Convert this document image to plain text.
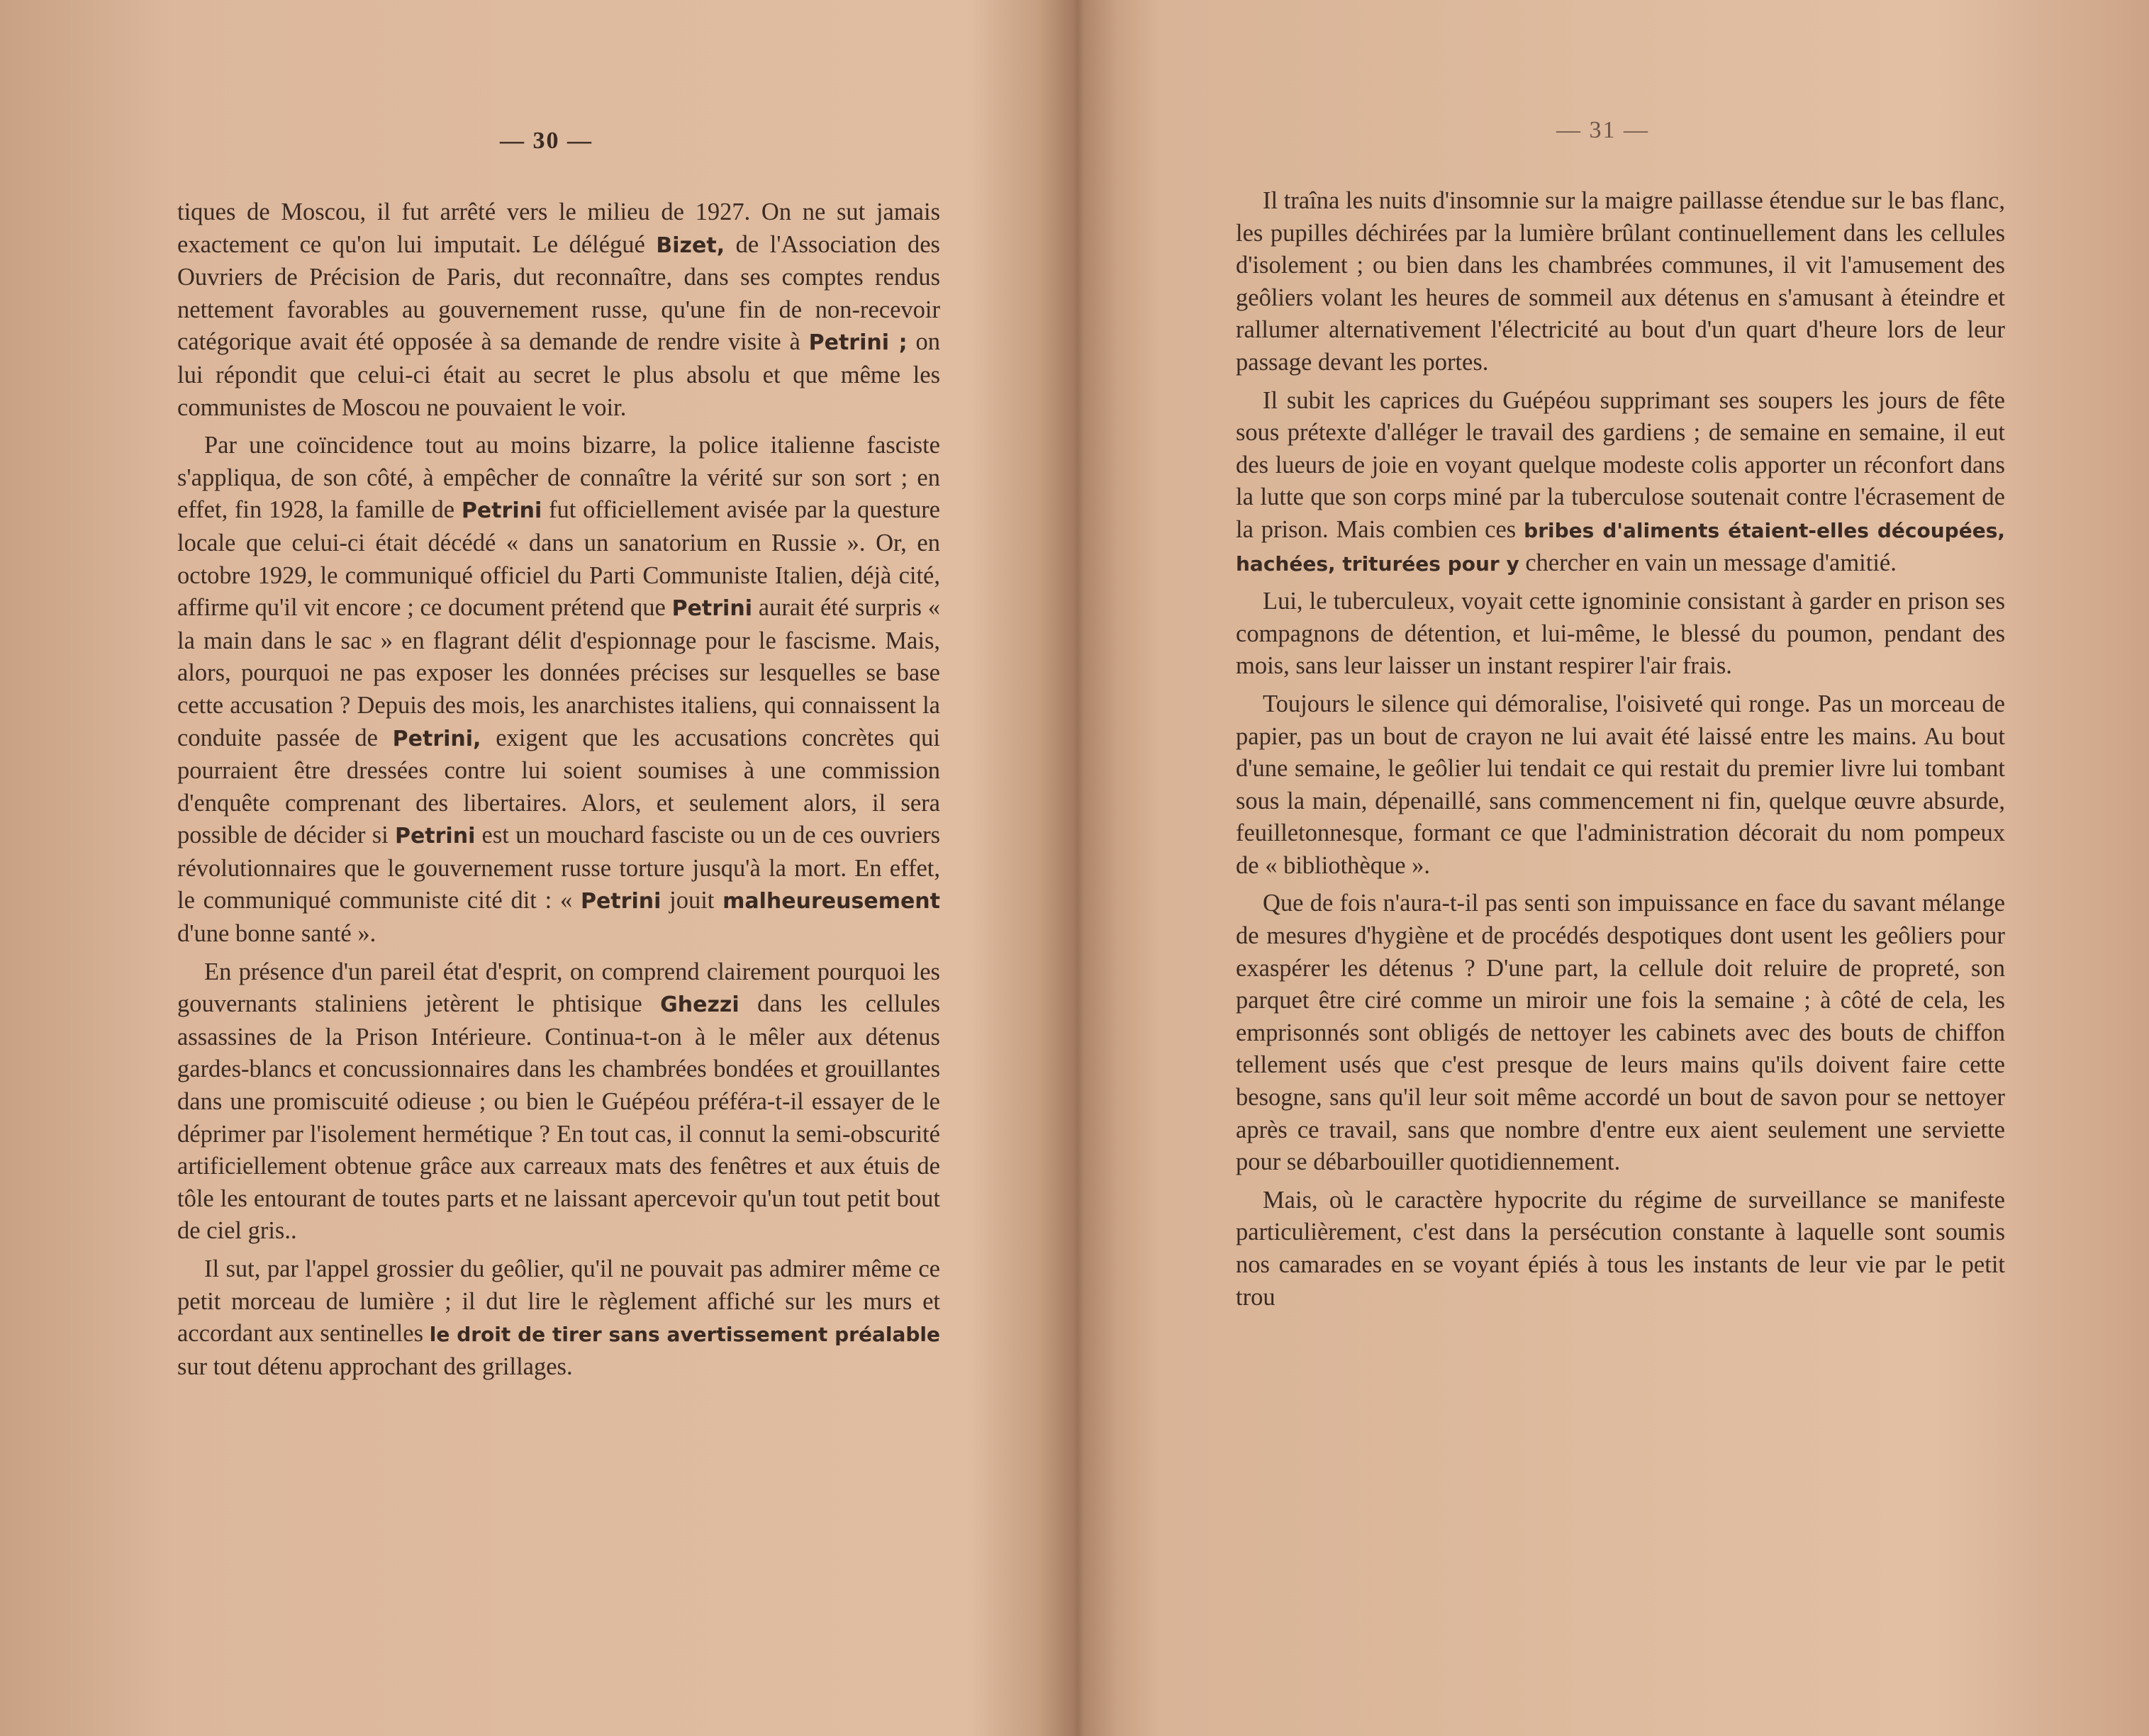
— 30 —

tiques de Moscou, il fut arrêté vers le milieu de 1927. On ne sut jamais exactement ce qu'on lui imputait. Le délégué Bizet, de l'Association des Ouvriers de Précision de Paris, dut reconnaître, dans ses comptes rendus nettement favorables au gouvernement russe, qu'une fin de non-recevoir catégorique avait été opposée à sa demande de rendre visite à Petrini ; on lui répondit que celui-ci était au secret le plus absolu et que même les communistes de Moscou ne pouvaient le voir.

Par une coïncidence tout au moins bizarre, la police italienne fasciste s'appliqua, de son côté, à empêcher de connaître la vérité sur son sort ; en effet, fin 1928, la famille de Petrini fut officiellement avisée par la questure locale que celui-ci était décédé « dans un sanatorium en Russie ». Or, en octobre 1929, le communiqué officiel du Parti Communiste Italien, déjà cité, affirme qu'il vit encore ; ce document prétend que Petrini aurait été surpris « la main dans le sac » en flagrant délit d'espionnage pour le fascisme. Mais, alors, pourquoi ne pas exposer les données précises sur lesquelles se base cette accusation ? Depuis des mois, les anarchistes italiens, qui connaissent la conduite passée de Petrini, exigent que les accusations concrètes qui pourraient être dressées contre lui soient soumises à une commission d'enquête comprenant des libertaires. Alors, et seulement alors, il sera possible de décider si Petrini est un mouchard fasciste ou un de ces ouvriers révolutionnaires que le gouvernement russe torture jusqu'à la mort. En effet, le communiqué communiste cité dit : « Petrini jouit malheureusement d'une bonne santé ».

En présence d'un pareil état d'esprit, on comprend clairement pourquoi les gouvernants staliniens jetèrent le phtisique Ghezzi dans les cellules assassines de la Prison Intérieure. Continua-t-on à le mêler aux détenus gardes-blancs et concussionnaires dans les chambrées bondées et grouillantes dans une promiscuité odieuse ; ou bien le Guépéou préféra-t-il essayer de le déprimer par l'isolement hermétique ? En tout cas, il connut la semi-obscurité artificiellement obtenue grâce aux carreaux mats des fenêtres et aux étuis de tôle les entourant de toutes parts et ne laissant apercevoir qu'un tout petit bout de ciel gris..

Il sut, par l'appel grossier du geôlier, qu'il ne pouvait pas admirer même ce petit morceau de lumière ; il dut lire le règlement affiché sur les murs et accordant aux sentinelles le droit de tirer sans avertissement préalable sur tout détenu approchant des grillages.

— 31 —

Il traîna les nuits d'insomnie sur la maigre paillasse étendue sur le bas flanc, les pupilles déchirées par la lumière brûlant continuellement dans les cellules d'isolement ; ou bien dans les chambrées communes, il vit l'amusement des geôliers volant les heures de sommeil aux détenus en s'amusant à éteindre et rallumer alternativement l'électricité au bout d'un quart d'heure lors de leur passage devant les portes.

Il subit les caprices du Guépéou supprimant ses soupers les jours de fête sous prétexte d'alléger le travail des gardiens ; de semaine en semaine, il eut des lueurs de joie en voyant quelque modeste colis apporter un réconfort dans la lutte que son corps miné par la tuberculose soutenait contre l'écrasement de la prison. Mais combien ces bribes d'aliments étaient-elles découpées, hachées, triturées pour y chercher en vain un message d'amitié.

Lui, le tuberculeux, voyait cette ignominie consistant à garder en prison ses compagnons de détention, et lui-même, le blessé du poumon, pendant des mois, sans leur laisser un instant respirer l'air frais.

Toujours le silence qui démoralise, l'oisiveté qui ronge. Pas un morceau de papier, pas un bout de crayon ne lui avait été laissé entre les mains. Au bout d'une semaine, le geôlier lui tendait ce qui restait du premier livre lui tombant sous la main, dépenaillé, sans commencement ni fin, quelque œuvre absurde, feuilletonnesque, formant ce que l'administration décorait du nom pompeux de « bibliothèque ».

Que de fois n'aura-t-il pas senti son impuissance en face du savant mélange de mesures d'hygiène et de procédés despotiques dont usent les geôliers pour exaspérer les détenus ? D'une part, la cellule doit reluire de propreté, son parquet être ciré comme un miroir une fois la semaine ; à côté de cela, les emprisonnés sont obligés de nettoyer les cabinets avec des bouts de chiffon tellement usés que c'est presque de leurs mains qu'ils doivent faire cette besogne, sans qu'il leur soit même accordé un bout de savon pour se nettoyer après ce travail, sans que nombre d'entre eux aient seulement une serviette pour se débarbouiller quotidiennement.

Mais, où le caractère hypocrite du régime de surveillance se manifeste particulièrement, c'est dans la persécution constante à laquelle sont soumis nos camarades en se voyant épiés à tous les instants de leur vie par le petit trou
